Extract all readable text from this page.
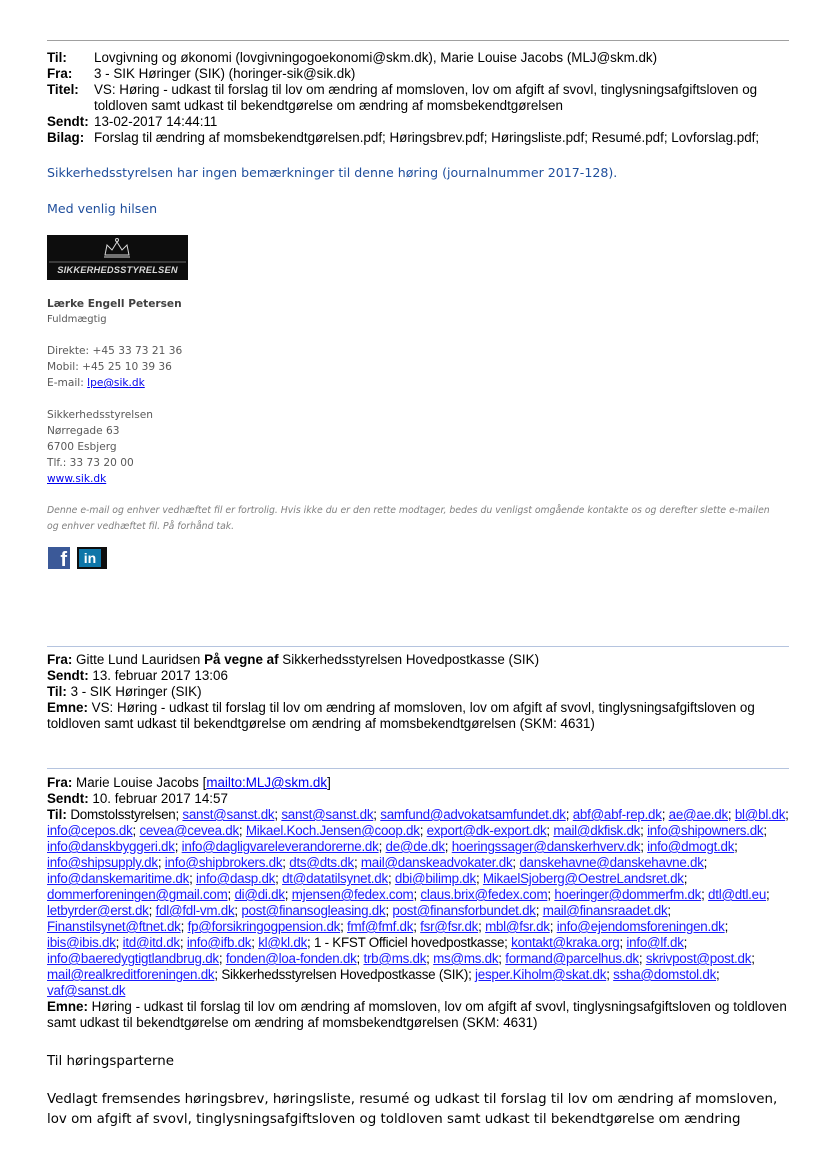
Til:	Lovgivning og økonomi (lovgivningogoekonomi@skm.dk), Marie Louise Jacobs (MLJ@skm.dk)
Fra:	3 - SIK Høringer (SIK) (horinger-sik@sik.dk)
Titel:	VS: Høring - udkast til forslag til lov om ændring af momsloven, lov om afgift af svovl, tinglysningsafgiftsloven og toldloven samt udkast til bekendtgørelse om ændring af momsbekendtgørelsen
Sendt: 13-02-2017 14:44:11
Bilag: Forslag til ændring af momsbekendtgørelsen.pdf; Høringsbrev.pdf; Høringsliste.pdf; Resumé.pdf; Lovforslag.pdf;
Sikkerhedsstyrelsen har ingen bemærkninger til denne høring (journalnummer 2017-128).
Med venlig hilsen
SIKKERHEDSSTYRELSEN
Lærke Engell Petersen
Fuldmægtig
Direkte: +45 33 73 21 36
Mobil: +45 25 10 39 36
E-mail: lpe@sik.dk
Sikkerhedsstyrelsen
Nørregade 63
6700 Esbjerg
Tlf.: 33 73 20 00
www.sik.dk
Denne e-mail og enhver vedhæftet fil er fortrolig. Hvis ikke du er den rette modtager, bedes du venligst omgående kontakte os og derefter slette e-mailen og enhver vedhæftet fil. På forhånd tak.
f	in
Fra: Gitte Lund Lauridsen På vegne af Sikkerhedsstyrelsen Hovedpostkasse (SIK)
Sendt: 13. februar 2017 13:06
Til: 3 - SIK Høringer (SIK)
Emne: VS: Høring - udkast til forslag til lov om ændring af momsloven, lov om afgift af svovl, tinglysningsafgiftsloven og toldloven samt udkast til bekendtgørelse om ændring af momsbekendtgørelsen (SKM: 4631)
Fra: Marie Louise Jacobs [mailto:MLJ@skm.dk]
Sendt: 10. februar 2017 14:57
Til: Domstolsstyrelsen; sanst@sanst.dk; sanst@sanst.dk; samfund@advokatsamfundet.dk; abf@abf-rep.dk; ae@ae.dk; bl@bl.dk; info@cepos.dk; cevea@cevea.dk; Mikael.Koch.Jensen@coop.dk; export@dk-export.dk; mail@dkfisk.dk; info@shipowners.dk; info@danskbyggeri.dk; info@dagligvareleverandorerne.dk; de@de.dk; hoeringssager@danskerhverv.dk; info@dmogt.dk; info@shipsupply.dk; info@shipbrokers.dk; dts@dts.dk; mail@danskeadvokater.dk; danskehavne@danskehavne.dk; info@danskemaritime.dk; info@dasp.dk; dt@datatilsynet.dk; dbi@bilimp.dk; MikaelSjoberg@OestreLandsret.dk; dommerforeningen@gmail.com; di@di.dk; mjensen@fedex.com; claus.brix@fedex.com; hoeringer@dommerfm.dk; dtl@dtl.eu; letbyrder@erst.dk; fdl@fdl-vm.dk; post@finansogleasing.dk; post@finansforbundet.dk; mail@finansraadet.dk; Finanstilsynet@ftnet.dk; fp@forsikringogpension.dk; fmf@fmf.dk; fsr@fsr.dk; mbl@fsr.dk; info@ejendomsforeningen.dk; ibis@ibis.dk; itd@itd.dk; info@ifb.dk; kl@kl.dk; 1 - KFST Officiel hovedpostkasse; kontakt@kraka.org; info@lf.dk; info@baeredygtigtlandbrug.dk; fonden@loa-fonden.dk; trb@ms.dk; ms@ms.dk; formand@parcelhus.dk; skrivpost@post.dk; mail@realkreditforeningen.dk; Sikkerhedsstyrelsen Hovedpostkasse (SIK); jesper.Kiholm@skat.dk; ssha@domstol.dk; vaf@sanst.dk
Emne: Høring - udkast til forslag til lov om ændring af momsloven, lov om afgift af svovl, tinglysningsafgiftsloven og toldloven samt udkast til bekendtgørelse om ændring af momsbekendtgørelsen (SKM: 4631)
Til høringsparterne
Vedlagt fremsendes høringsbrev, høringsliste, resumé og udkast til forslag til lov om ændring af momsloven, lov om afgift af svovl, tinglysningsafgiftsloven og toldloven samt udkast til bekendtgørelse om ændring
